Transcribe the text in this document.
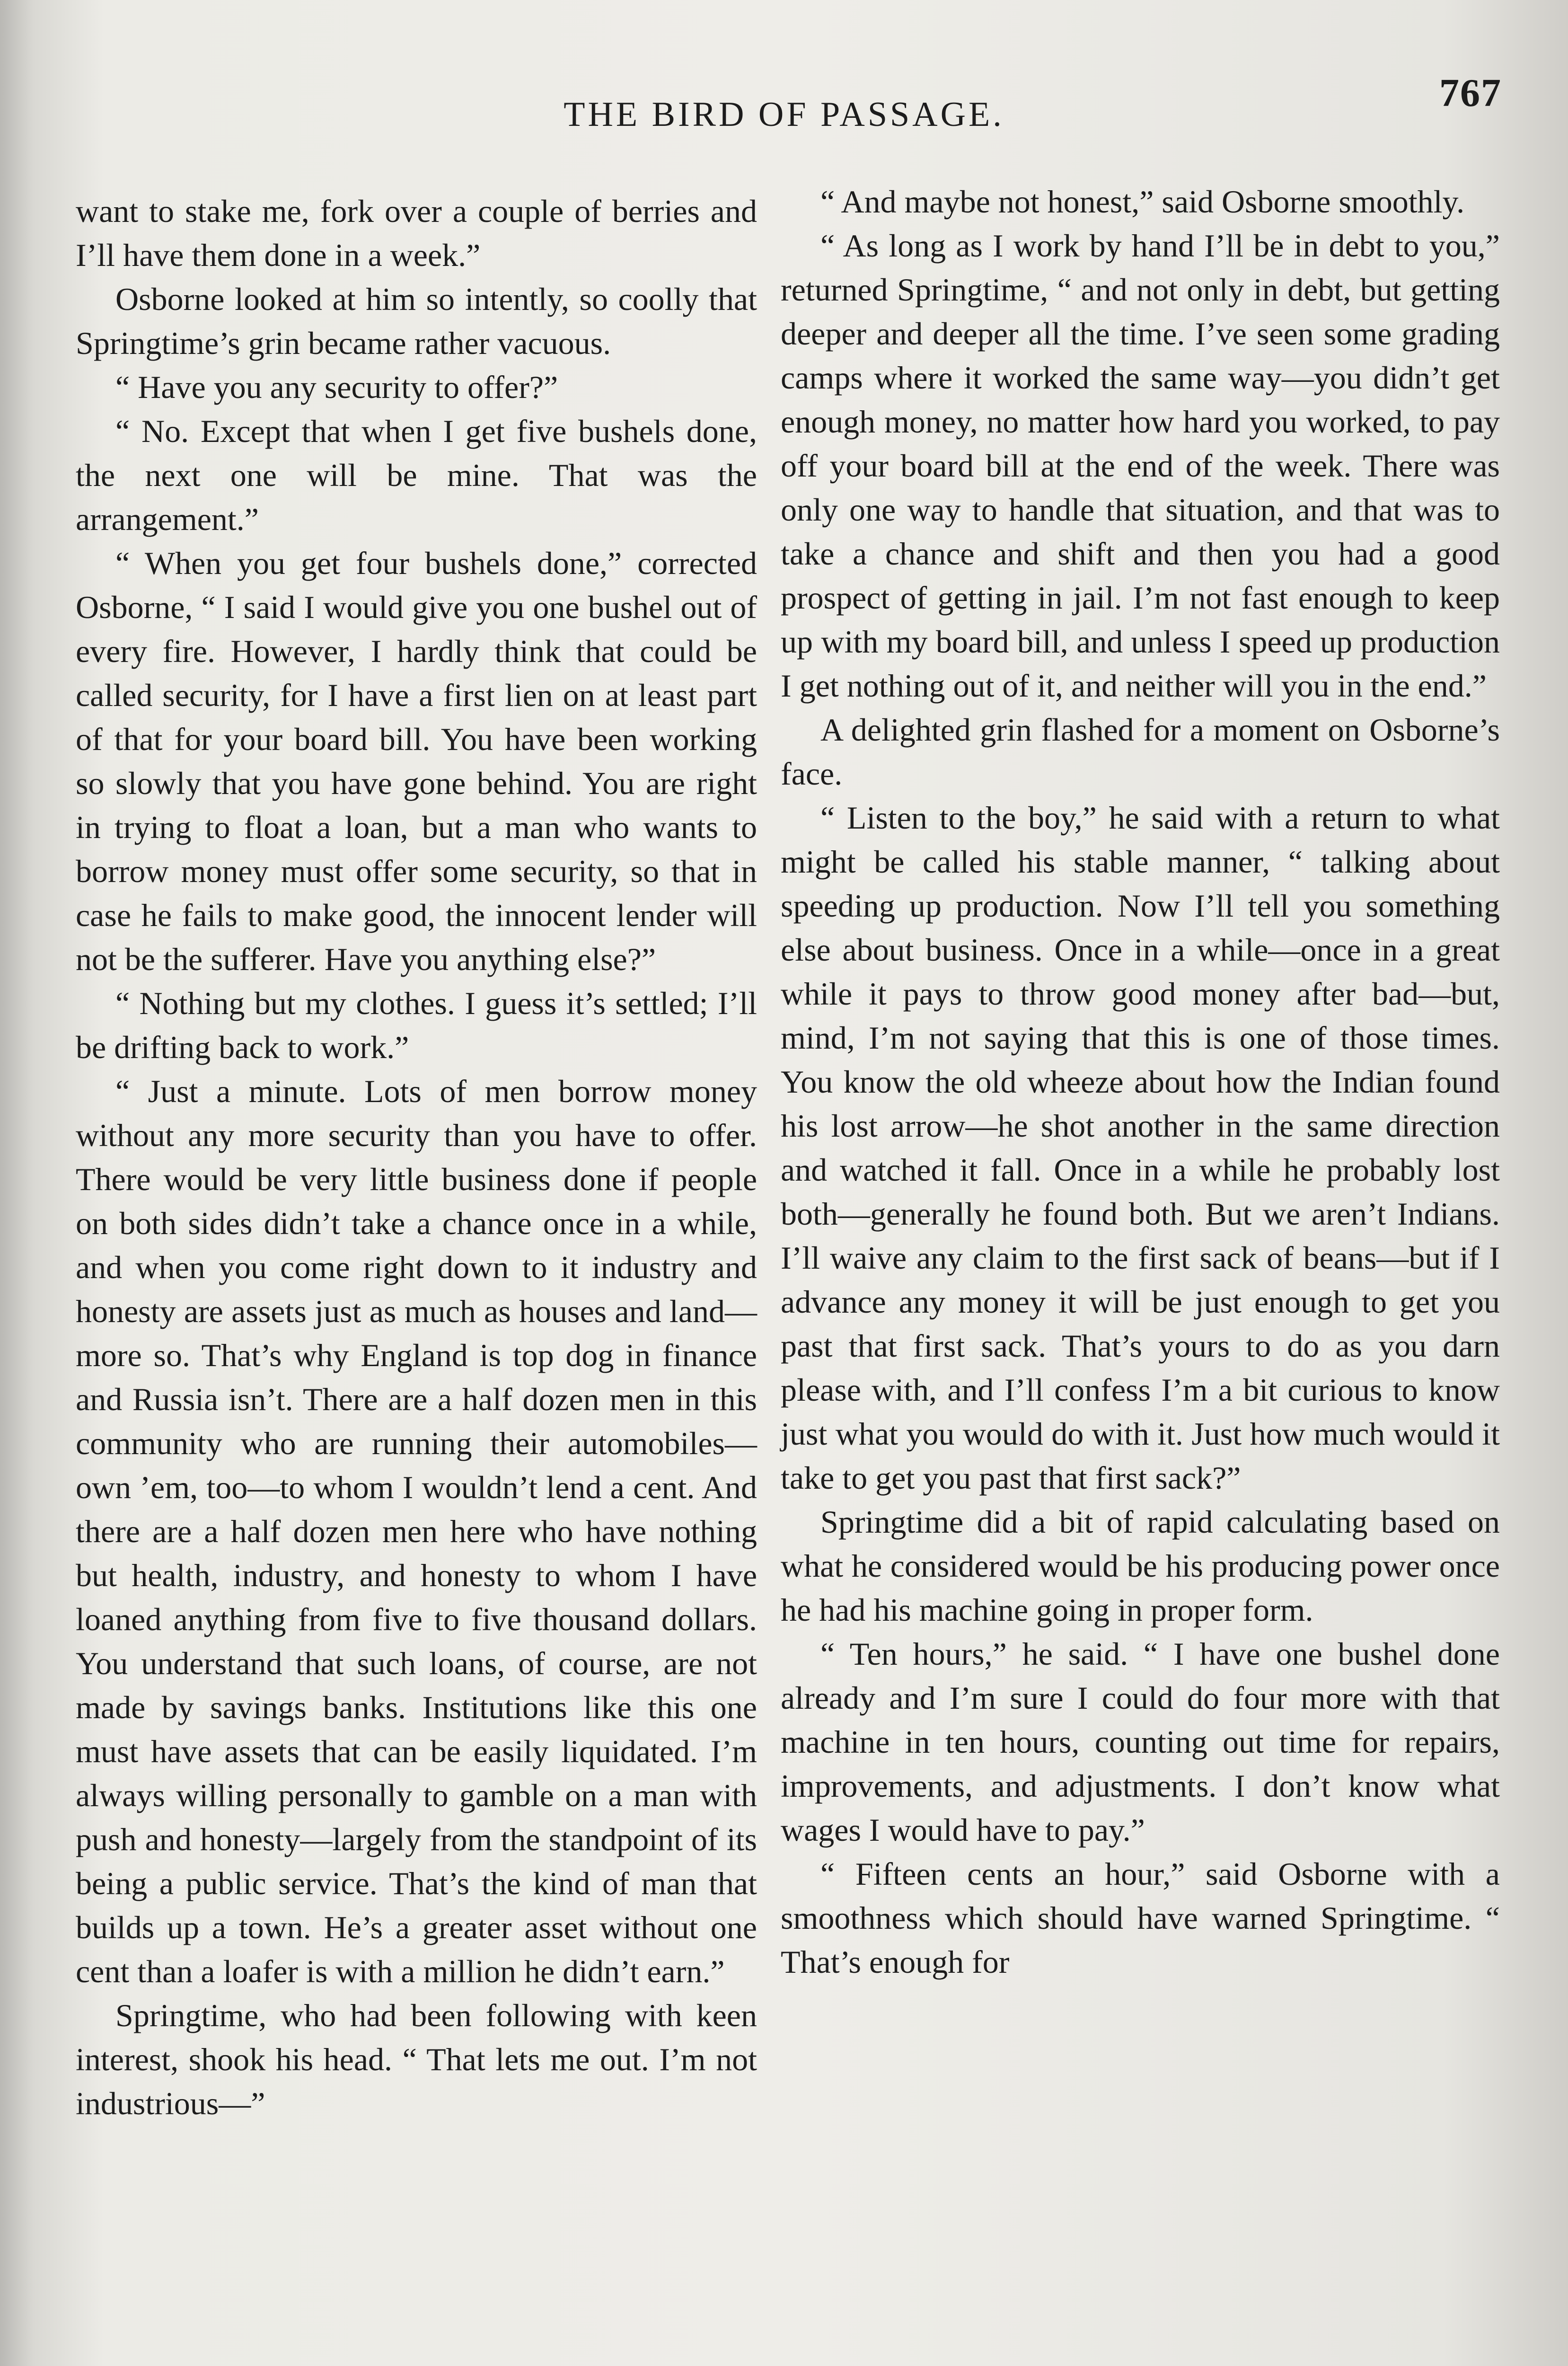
767
THE BIRD OF PASSAGE.

want to stake me, fork over a couple of berries and I’ll have them done in a week.”

Osborne looked at him so intently, so coolly that Springtime’s grin became rather vacuous.

“ Have you any security to offer?”

“ No. Except that when I get five bushels done, the next one will be mine. That was the arrangement.”

“ When you get four bushels done,” corrected Osborne, “ I said I would give you one bushel out of every fire. However, I hardly think that could be called security, for I have a first lien on at least part of that for your board bill. You have been working so slowly that you have gone behind. You are right in trying to float a loan, but a man who wants to borrow money must offer some security, so that in case he fails to make good, the innocent lender will not be the sufferer. Have you anything else?”

“ Nothing but my clothes. I guess it’s settled; I’ll be drifting back to work.”

“ Just a minute. Lots of men borrow money without any more security than you have to offer. There would be very little business done if people on both sides didn’t take a chance once in a while, and when you come right down to it industry and honesty are assets just as much as houses and land—more so. That’s why England is top dog in finance and Russia isn’t. There are a half dozen men in this community who are running their automobiles—own ’em, too—to whom I wouldn’t lend a cent. And there are a half dozen men here who have nothing but health, industry, and honesty to whom I have loaned anything from five to five thousand dollars. You understand that such loans, of course, are not made by savings banks. Institutions like this one must have assets that can be easily liquidated. I’m always willing personally to gamble on a man with push and honesty—largely from the standpoint of its being a public service. That’s the kind of man that builds up a town. He’s a greater asset without one cent than a loafer is with a million he didn’t earn.”

Springtime, who had been following with keen interest, shook his head. “ That lets me out. I’m not industrious—”

“ And maybe not honest,” said Osborne smoothly.

“ As long as I work by hand I’ll be in debt to you,” returned Springtime, “ and not only in debt, but getting deeper and deeper all the time. I’ve seen some grading camps where it worked the same way—you didn’t get enough money, no matter how hard you worked, to pay off your board bill at the end of the week. There was only one way to handle that situation, and that was to take a chance and shift and then you had a good prospect of getting in jail. I’m not fast enough to keep up with my board bill, and unless I speed up production I get nothing out of it, and neither will you in the end.”

A delighted grin flashed for a moment on Osborne’s face.

“ Listen to the boy,” he said with a return to what might be called his stable manner, “ talking about speeding up production. Now I’ll tell you something else about business. Once in a while—once in a great while it pays to throw good money after bad—but, mind, I’m not saying that this is one of those times. You know the old wheeze about how the Indian found his lost arrow—he shot another in the same direction and watched it fall. Once in a while he probably lost both—generally he found both. But we aren’t Indians. I’ll waive any claim to the first sack of beans—but if I advance any money it will be just enough to get you past that first sack. That’s yours to do as you darn please with, and I’ll confess I’m a bit curious to know just what you would do with it. Just how much would it take to get you past that first sack?”

Springtime did a bit of rapid calculating based on what he considered would be his producing power once he had his machine going in proper form.

“ Ten hours,” he said. “ I have one bushel done already and I’m sure I could do four more with that machine in ten hours, counting out time for repairs, improvements, and adjustments. I don’t know what wages I would have to pay.”

“ Fifteen cents an hour,” said Osborne with a smoothness which should have warned Springtime. “ That’s enough for
